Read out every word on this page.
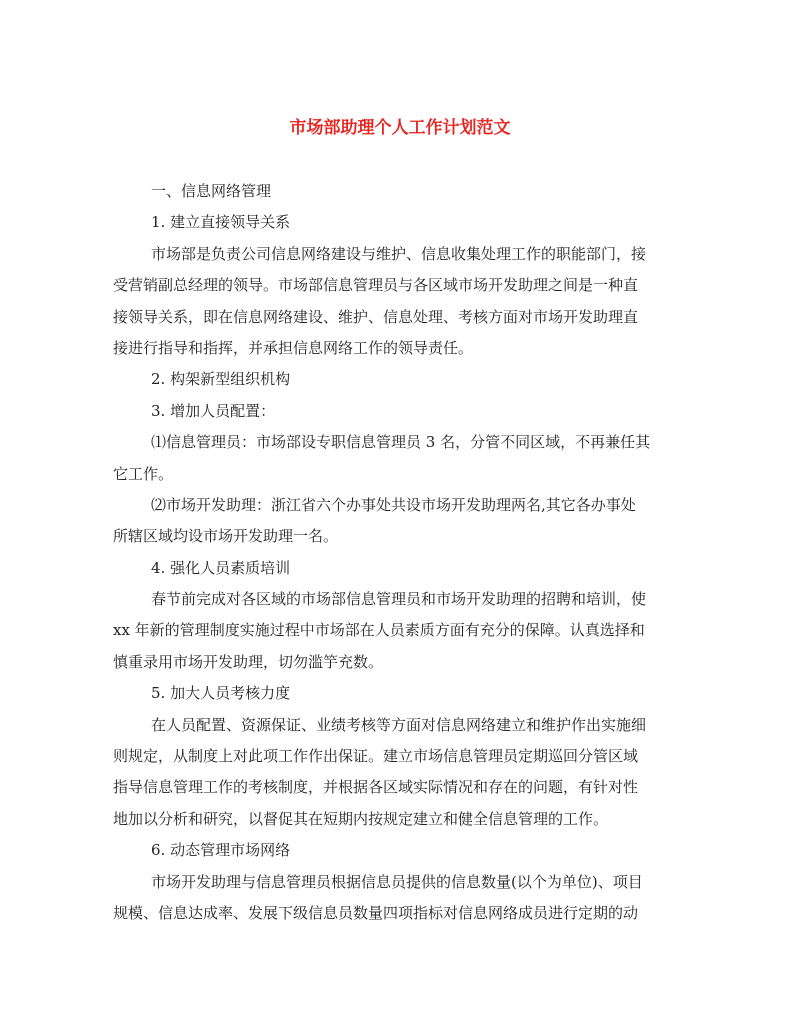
市场部助理个人工作计划范文
一、信息网络管理
1. 建立直接领导关系
市场部是负责公司信息网络建设与维护、信息收集处理工作的职能部门，接
受营销副总经理的领导。市场部信息管理员与各区域市场开发助理之间是一种直
接领导关系，即在信息网络建设、维护、信息处理、考核方面对市场开发助理直
接进行指导和指挥，并承担信息网络工作的领导责任。
2. 构架新型组织机构
3. 增加人员配置：
⑴信息管理员：市场部设专职信息管理员 3 名，分管不同区域，不再兼任其
它工作。
⑵市场开发助理：浙江省六个办事处共设市场开发助理两名,其它各办事处
所辖区域均设市场开发助理一名。
4. 强化人员素质培训
春节前完成对各区域的市场部信息管理员和市场开发助理的招聘和培训，使
xx 年新的管理制度实施过程中市场部在人员素质方面有充分的保障。认真选择和
慎重录用市场开发助理，切勿滥竽充数。
5. 加大人员考核力度
在人员配置、资源保证、业绩考核等方面对信息网络建立和维护作出实施细
则规定，从制度上对此项工作作出保证。建立市场信息管理员定期巡回分管区域
指导信息管理工作的考核制度，并根据各区域实际情况和存在的问题，有针对性
地加以分析和研究，以督促其在短期内按规定建立和健全信息管理的工作。
6. 动态管理市场网络
市场开发助理与信息管理员根据信息员提供的信息数量(以个为单位)、项目
规模、信息达成率、发展下级信息员数量四项指标对信息网络成员进行定期的动
